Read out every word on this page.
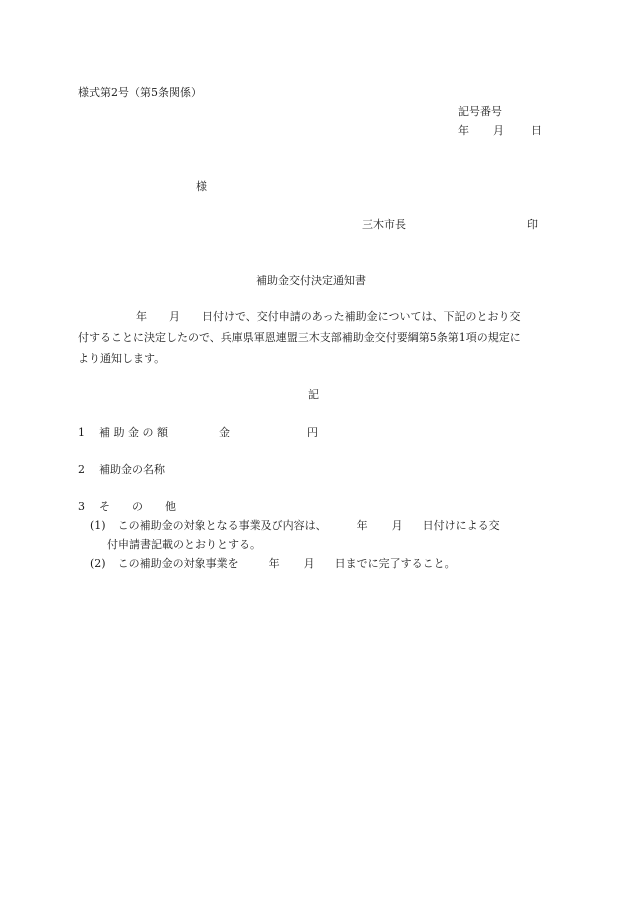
様式第2号（第5条関係）
記号番号
年 月 日
様
三木市長	印
補助金交付決定通知書
年　　月　　日付けで、交付申請のあった補助金については、下記のとおり交
付することに決定したので、兵庫県軍恩連盟三木支部補助金交付要綱第5条第1項の規定に
より通知します。
記
1 補 助 金 の 額	金	円
2 補助金の名称
3 そ　　の　　他
(1) この補助金の対象となる事業及び内容は、	年 月 日付けによる交
付申請書記載のとおりとする。
(2) この補助金の対象事業を	年 月 日までに完了すること。
